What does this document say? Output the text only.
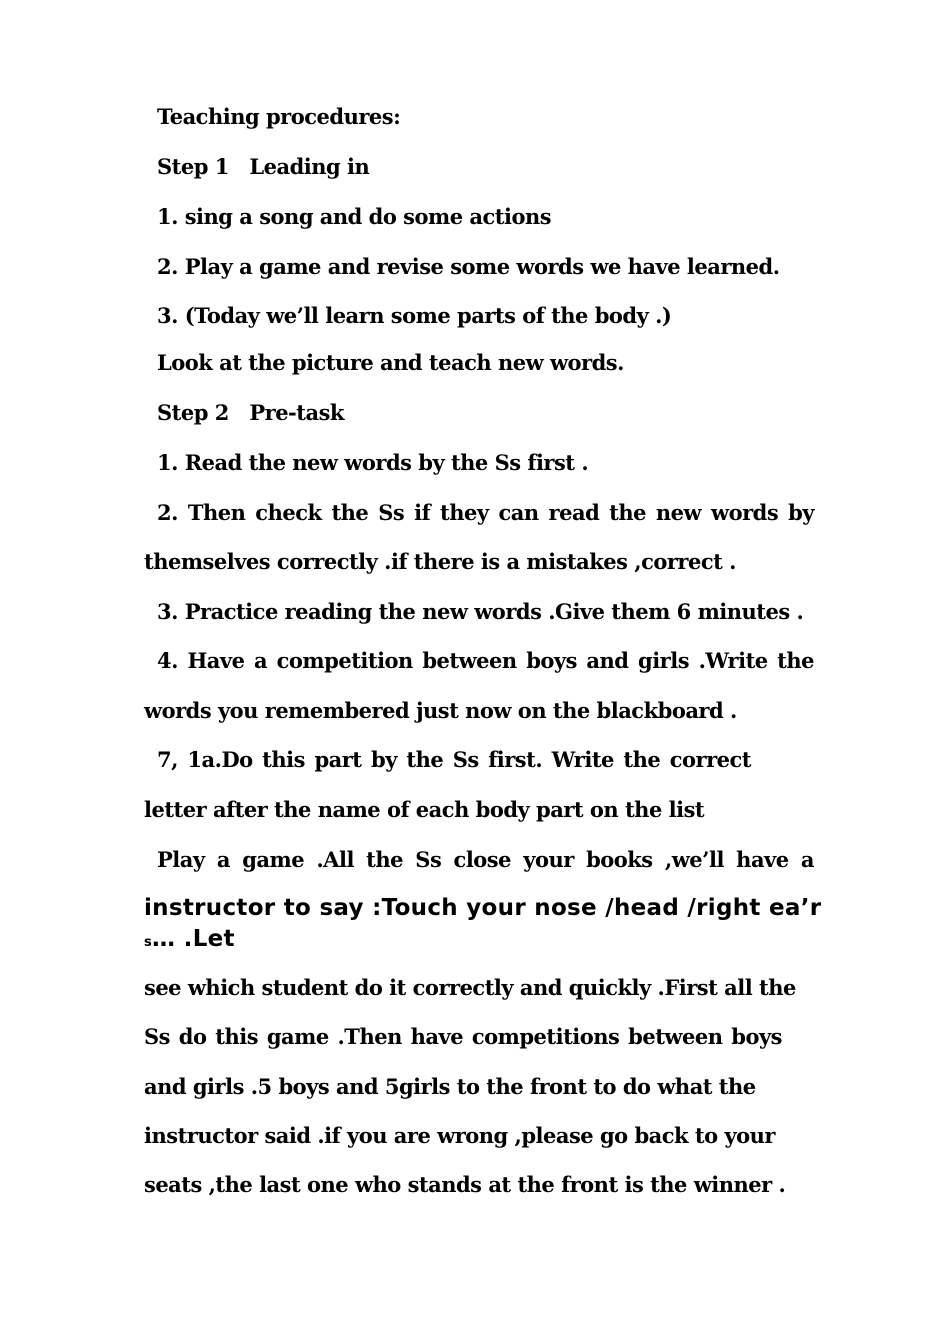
Teaching procedures:
Step 1　Leading in
1. sing a song and do some actions
2. Play a game and revise some words we have learned.
3. (Today we’ll learn some parts of the body .)
Look at the picture and teach new words.
Step 2　Pre-task
1. Read the new words by the Ss first .
2. Then check the Ss if they can read the new words by
themselves correctly .if there is a mistakes ,correct .
3. Practice reading the new words .Give them 6 minutes .
4. Have a competition between boys and girls .Write the
words you remembered just now on the blackboard .
7, 1a.Do this part by the Ss first. Write the correct
letter after the name of each body part on the list
Play a game .All the Ss close your books ,we’ll have a
instructor to say :Touch your nose /head /right ea’r
s… .Let
see which student do it correctly and quickly .First all the
Ss do this game .Then have competitions between boys
and girls .5 boys and 5girls to the front to do what the
instructor said .if you are wrong ,please go back to your
seats ,the last one who stands at the front is the winner .
